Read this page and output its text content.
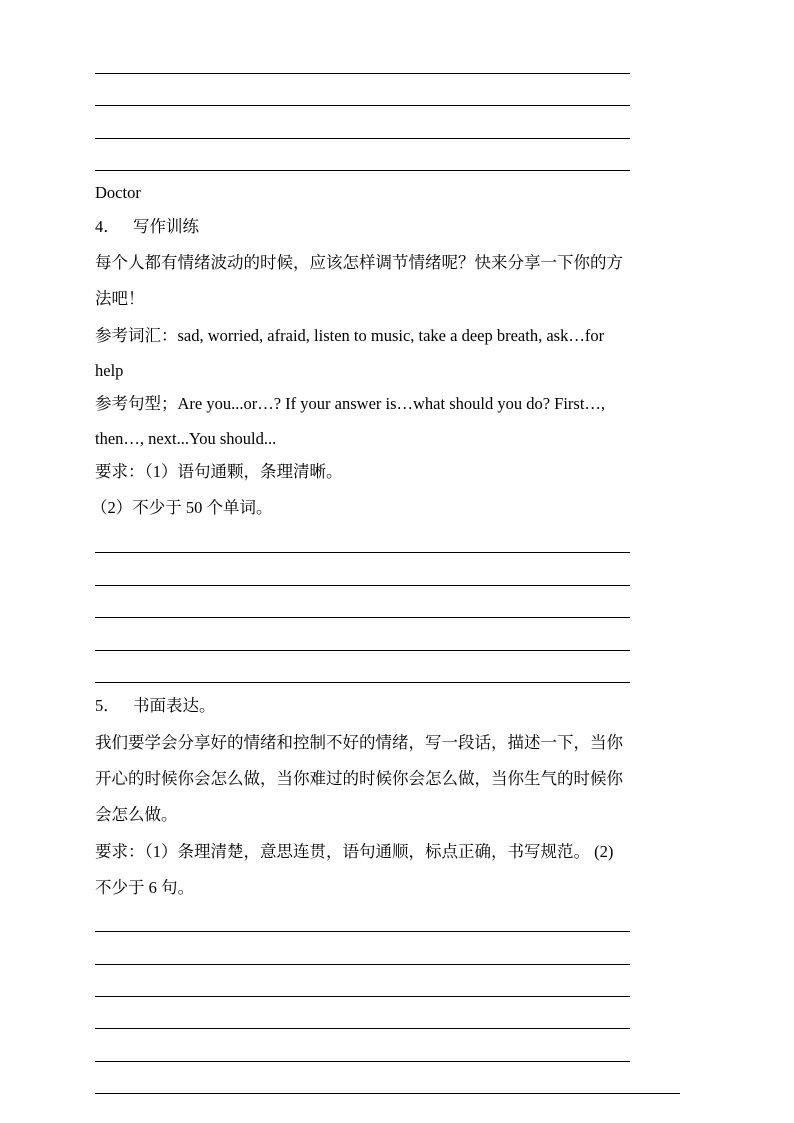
Doctor
4． 写作训练
每个人都有情绪波动的时候，应该怎样调节情绪呢？快来分享一下你的方
法吧！
参考词汇：sad, worried, afraid, listen to music, take a deep breath, ask…for
help
参考句型；Are you...or…? If your answer is…what should you do? First…,
then…, next...You should...
要求：（1）语句通颗，条理清晰。
（2）不少于 50 个单词。
5． 书面表达。
我们要学会分享好的情绪和控制不好的情绪，写一段话，描述一下，当你
开心的时候你会怎么做，当你难过的时候你会怎么做，当你生气的时候你
会怎么做。
要求：（1）条理清楚，意思连贯，语句通顺，标点正确，书写规范。 (2)
不少于 6 句。
